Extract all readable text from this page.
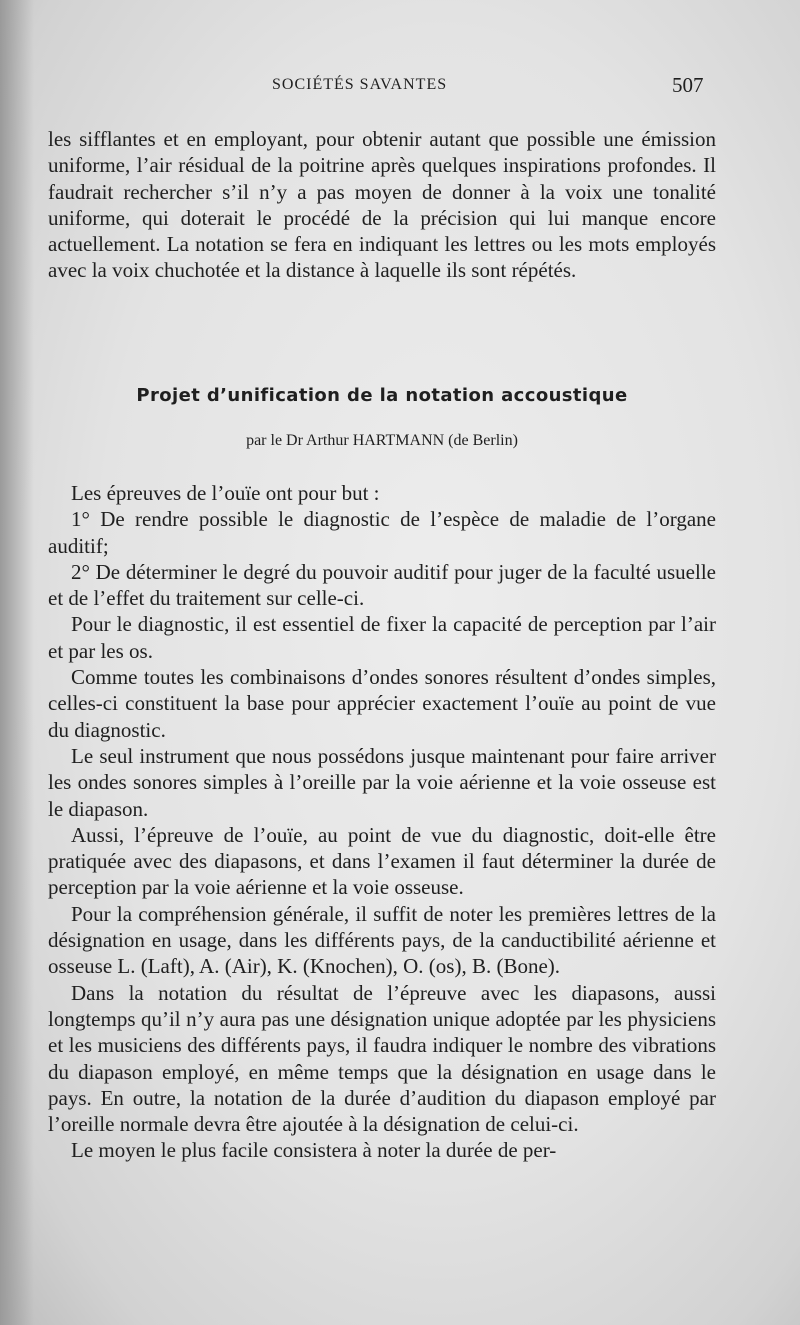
SOCIÉTÉS SAVANTES	507

les sifflantes et en employant, pour obtenir autant que possible une émission uniforme, l’air résidual de la poitrine après quelques inspirations profondes. Il faudrait rechercher s’il n’y a pas moyen de donner à la voix une tonalité uniforme, qui doterait le procédé de la précision qui lui manque encore actuellement. La notation se fera en indiquant les lettres ou les mots employés avec la voix chuchotée et la distance à laquelle ils sont répétés.

Projet d’unification de la notation accoustique
par le Dr Arthur HARTMANN (de Berlin)

Les épreuves de l’ouïe ont pour but :

1° De rendre possible le diagnostic de l’espèce de maladie de l’organe auditif;

2° De déterminer le degré du pouvoir auditif pour juger de la faculté usuelle et de l’effet du traitement sur celle-ci.

Pour le diagnostic, il est essentiel de fixer la capacité de perception par l’air et par les os.

Comme toutes les combinaisons d’ondes sonores résultent d’ondes simples, celles-ci constituent la base pour apprécier exactement l’ouïe au point de vue du diagnostic.

Le seul instrument que nous possédons jusque maintenant pour faire arriver les ondes sonores simples à l’oreille par la voie aérienne et la voie osseuse est le diapason.

Aussi, l’épreuve de l’ouïe, au point de vue du diagnostic, doit-elle être pratiquée avec des diapasons, et dans l’examen il faut déterminer la durée de perception par la voie aérienne et la voie osseuse.

Pour la compréhension générale, il suffit de noter les premières lettres de la désignation en usage, dans les différents pays, de la canductibilité aérienne et osseuse L. (Laft), A. (Air), K. (Knochen), O. (os), B. (Bone).

Dans la notation du résultat de l’épreuve avec les diapasons, aussi longtemps qu’il n’y aura pas une désignation unique adoptée par les physiciens et les musiciens des différents pays, il faudra indiquer le nombre des vibrations du diapason employé, en même temps que la désignation en usage dans le pays. En outre, la notation de la durée d’audition du diapason employé par l’oreille normale devra être ajoutée à la désignation de celui-ci.

Le moyen le plus facile consistera à noter la durée de per-
